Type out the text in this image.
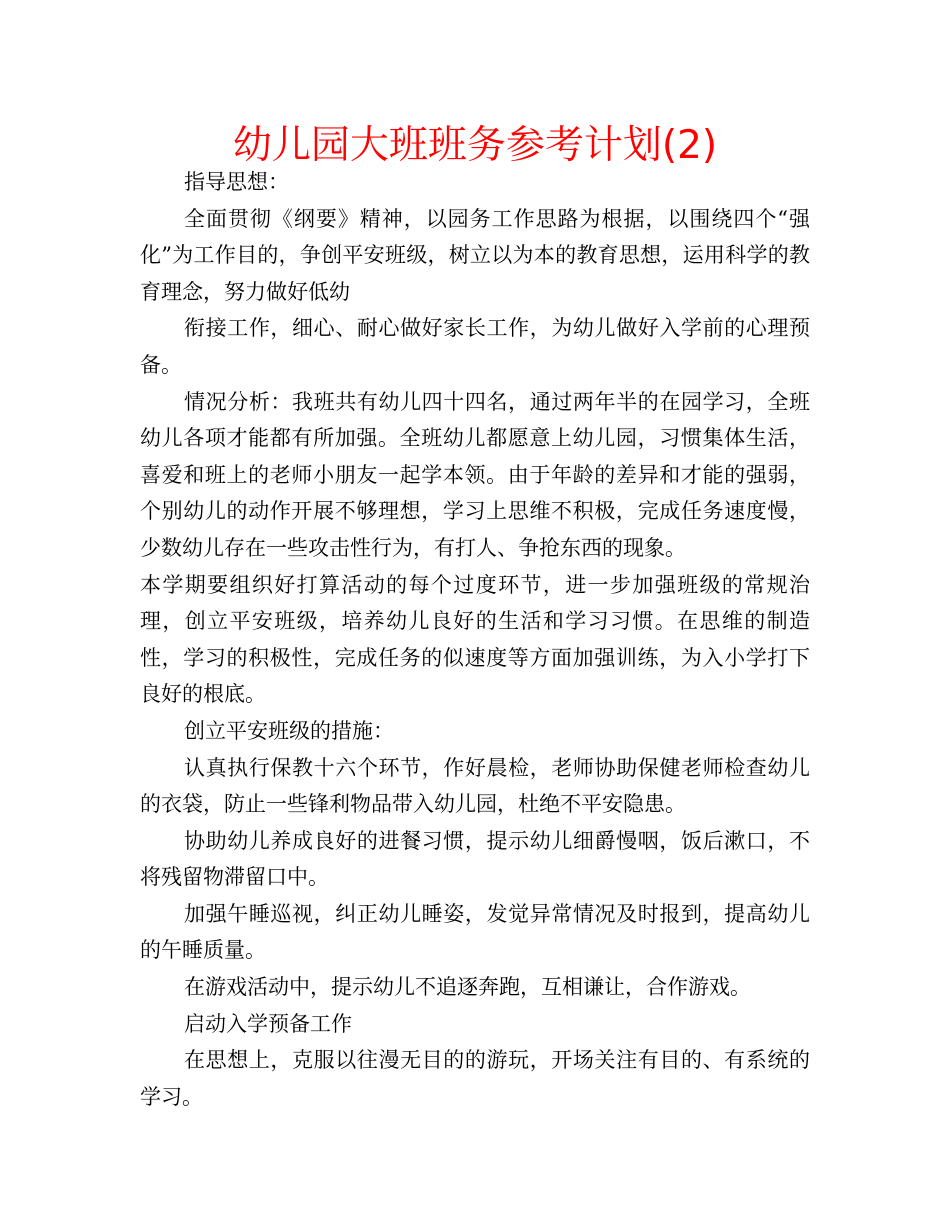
幼儿园大班班务参考计划(2)

指导思想：

全面贯彻《纲要》精神，以园务工作思路为根据，以围绕四个“强化”为工作目的，争创平安班级，树立以为本的教育思想，运用科学的教育理念，努力做好低幼

衔接工作，细心、耐心做好家长工作，为幼儿做好入学前的心理预备。

情况分析：我班共有幼儿四十四名，通过两年半的在园学习，全班幼儿各项才能都有所加强。全班幼儿都愿意上幼儿园，习惯集体生活，喜爱和班上的老师小朋友一起学本领。由于年龄的差异和才能的强弱，个别幼儿的动作开展不够理想，学习上思维不积极，完成任务速度慢，少数幼儿存在一些攻击性行为，有打人、争抢东西的现象。

本学期要组织好打算活动的每个过度环节，进一步加强班级的常规治理，创立平安班级，培养幼儿良好的生活和学习习惯。在思维的制造性，学习的积极性，完成任务的似速度等方面加强训练，为入小学打下良好的根底。

创立平安班级的措施：

认真执行保教十六个环节，作好晨检，老师协助保健老师检查幼儿的衣袋，防止一些锋利物品带入幼儿园，杜绝不平安隐患。

协助幼儿养成良好的进餐习惯，提示幼儿细爵慢咽，饭后漱口，不将残留物滞留口中。

加强午睡巡视，纠正幼儿睡姿，发觉异常情况及时报到，提高幼儿的午睡质量。

在游戏活动中，提示幼儿不追逐奔跑，互相谦让，合作游戏。

启动入学预备工作

在思想上，克服以往漫无目的的游玩，开场关注有目的、有系统的学习。
